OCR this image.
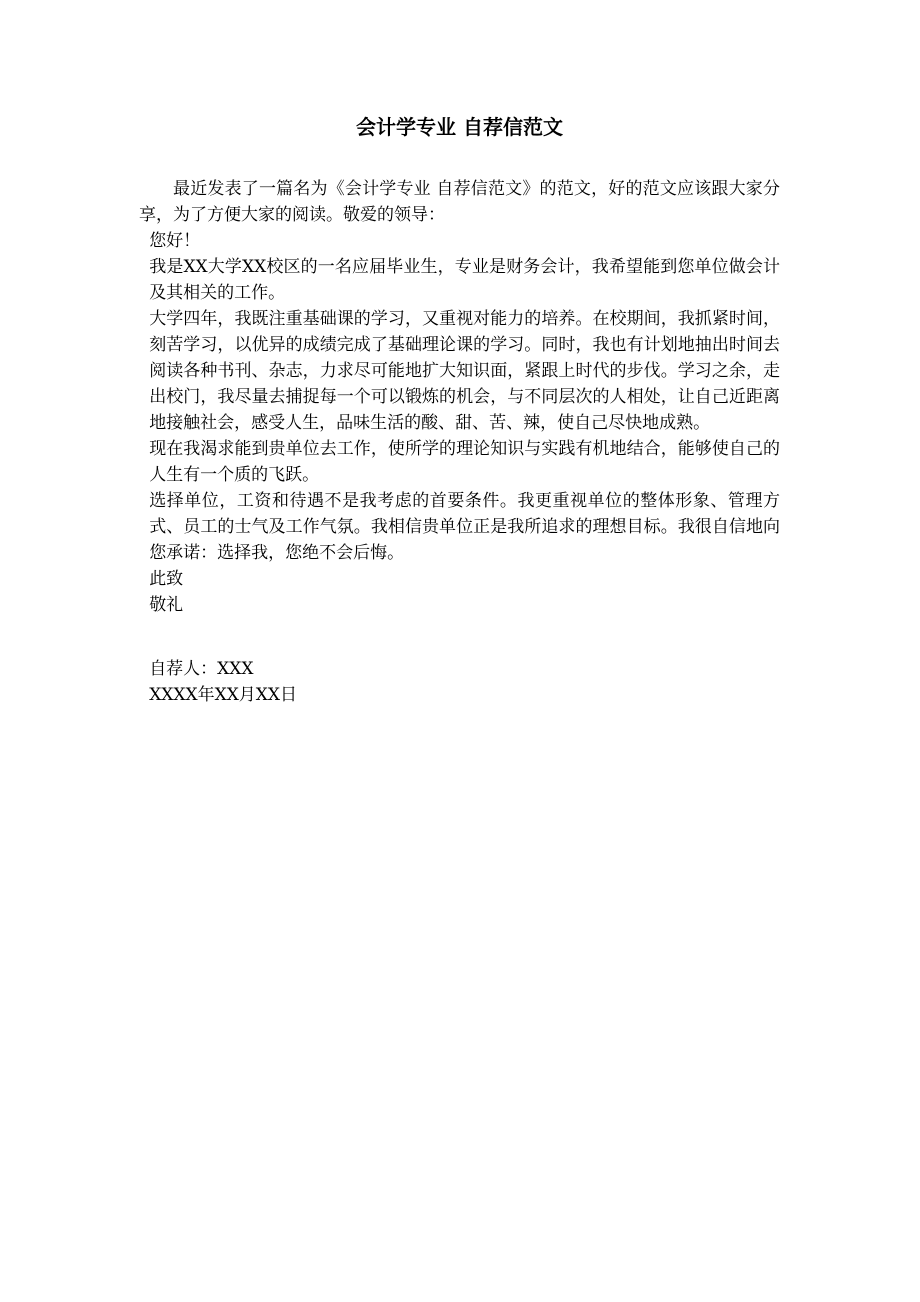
会计学专业 自荐信范文

最近发表了一篇名为《会计学专业 自荐信范文》的范文，好的范文应该跟大家分享，为了方便大家的阅读。敬爱的领导：

您好！

我是XX大学XX校区的一名应届毕业生，专业是财务会计，我希望能到您单位做会计及其相关的工作。

大学四年，我既注重基础课的学习，又重视对能力的培养。在校期间，我抓紧时间，刻苦学习，以优异的成绩完成了基础理论课的学习。同时，我也有计划地抽出时间去阅读各种书刊、杂志，力求尽可能地扩大知识面，紧跟上时代的步伐。学习之余，走出校门，我尽量去捕捉每一个可以锻炼的机会，与不同层次的人相处，让自己近距离地接触社会，感受人生，品味生活的酸、甜、苦、辣，使自己尽快地成熟。

现在我渴求能到贵单位去工作，使所学的理论知识与实践有机地结合，能够使自己的人生有一个质的飞跃。

选择单位，工资和待遇不是我考虑的首要条件。我更重视单位的整体形象、管理方式、员工的士气及工作气氛。我相信贵单位正是我所追求的理想目标。我很自信地向您承诺：选择我，您绝不会后悔。

此致

敬礼

自荐人：XXX

XXXX年XX月XX日
